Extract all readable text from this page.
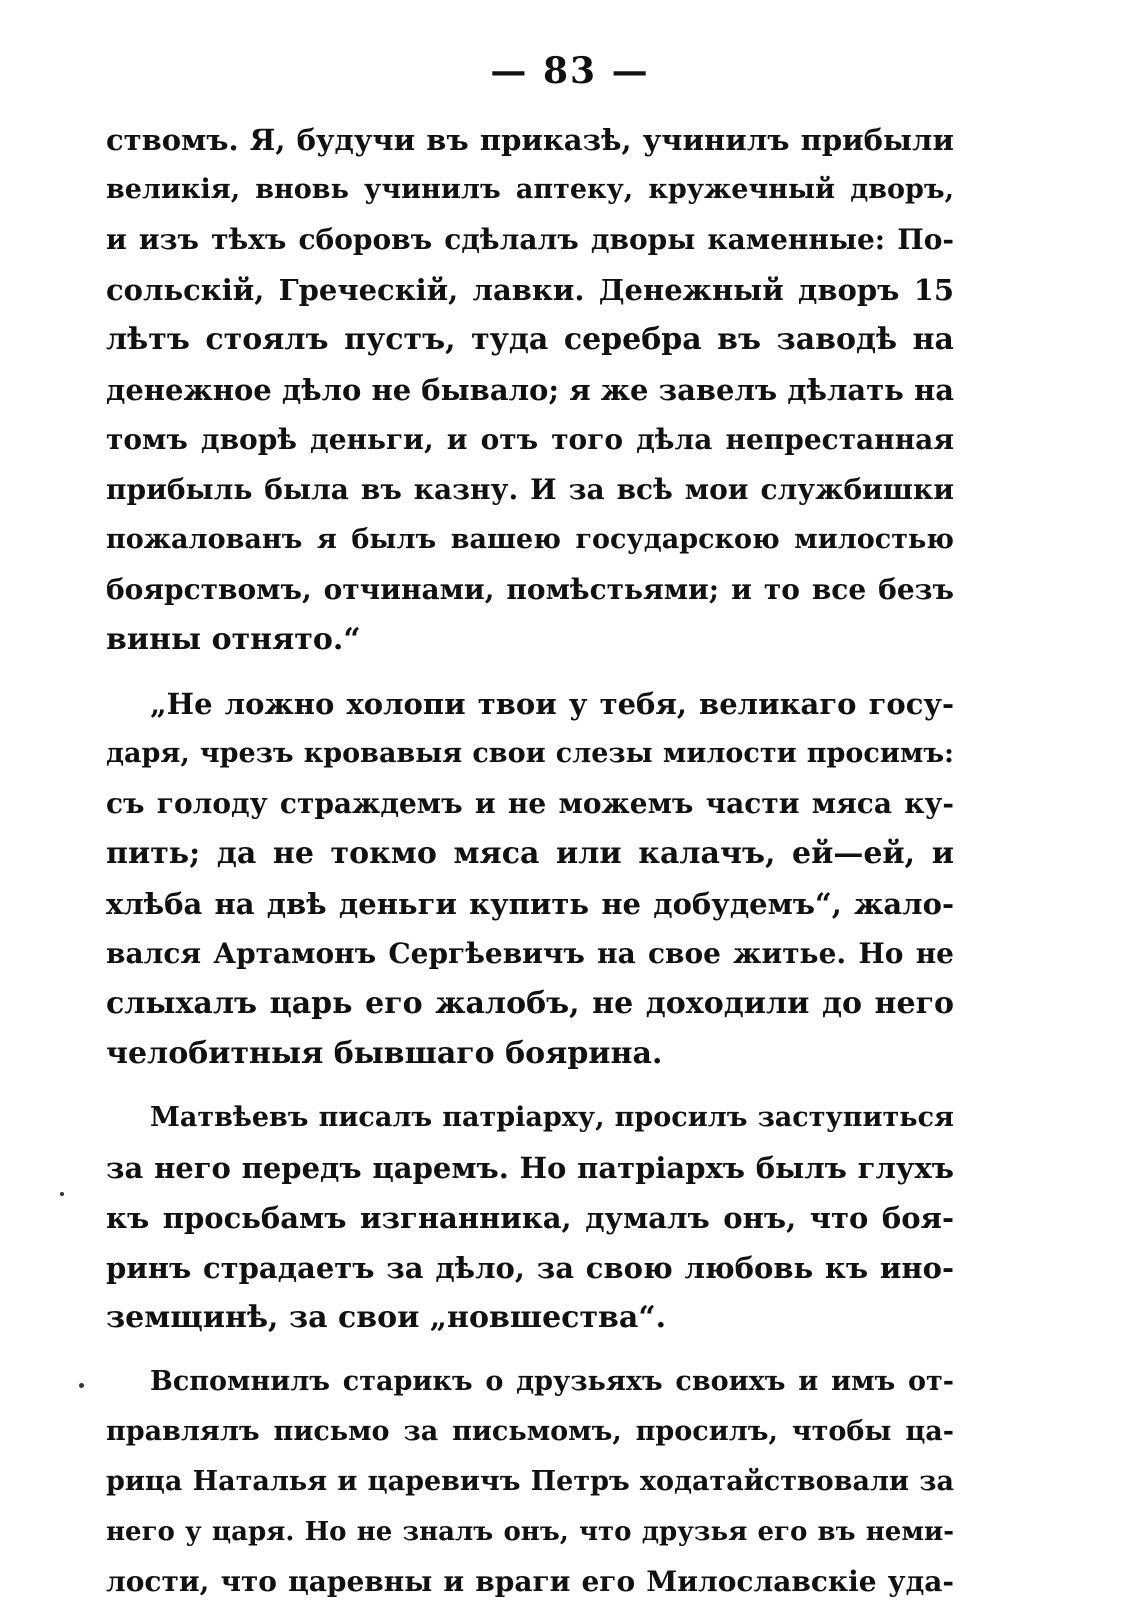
— 83 —
ствомъ. Я, будучи въ приказѣ, учинилъ прибыли
великія, вновь учинилъ аптеку, кружечный дворъ,
и изъ тѣхъ сборовъ сдѣлалъ дворы каменные: По-
сольскій, Греческій, лавки. Денежный дворъ 15
лѣтъ стоялъ пустъ, туда серебра въ заводѣ на
денежное дѣло не бывало; я же завелъ дѣлать на
томъ дворѣ деньги, и отъ того дѣла непрестанная
прибыль была въ казну. И за всѣ мои службишки
пожалованъ я былъ вашею государскою милостью
боярствомъ, отчинами, помѣстьями; и то все безъ
вины отнято.“
„Не ложно холопи твои у тебя, великаго госу-
даря, чрезъ кровавыя свои слезы милости просимъ:
съ голоду страждемъ и не можемъ части мяса ку-
пить; да не токмо мяса или калачъ, ей—ей, и
хлѣба на двѣ деньги купить не добудемъ“, жало-
вался Артамонъ Сергѣевичъ на свое житье. Но не
слыхалъ царь его жалобъ, не доходили до него
челобитныя бывшаго боярина.
Матвѣевъ писалъ патріарху, просилъ заступиться
за него передъ царемъ. Но патріархъ былъ глухъ
къ просьбамъ изгнанника, думалъ онъ, что боя-
ринъ страдаетъ за дѣло, за свою любовь къ ино-
земщинѣ, за свои „новшества“.
Вспомнилъ старикъ о друзьяхъ своихъ и имъ от-
правлялъ письмо за письмомъ, просилъ, чтобы ца-
рица Наталья и царевичъ Петръ ходатайствовали за
него у царя. Но не зналъ онъ, что друзья его въ неми-
лости, что царевны и враги его Милославскіе уда-
